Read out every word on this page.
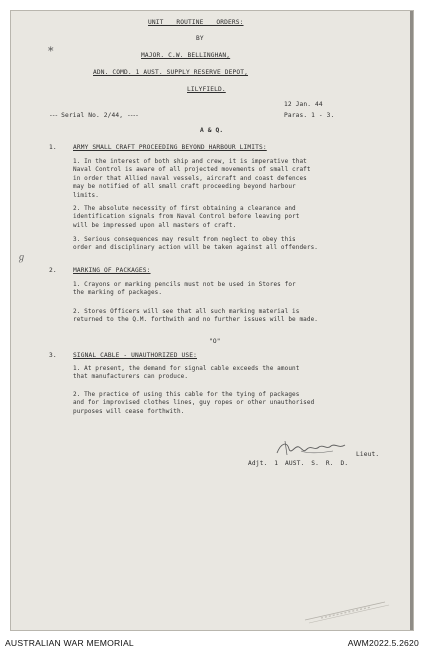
UNIT ROUTINE ORDERS:
BY
MAJOR. C.W. BELLINGHAN,
ADN. COMD. 1 AUST. SUPPLY RESERVE DEPOT,
LILYFIELD.
12 Jan. 44
--- Serial No. 2/44, ----	Paras. 1 - 3.
A & Q.
1.	ARMY SMALL CRAFT PROCEEDING BEYOND HARBOUR LIMITS:
1. In the interest of both ship and crew, it is imperative that
Naval Control is aware of all projected movements of small craft
in order that Allied naval vessels, aircraft and coast defences
may be notified of all small craft proceeding beyond harbour
limits.
2. The absolute necessity of first obtaining a clearance and
identification signals from Naval Control before leaving port
will be impressed upon all masters of craft.
3. Serious consequences may result from neglect to obey this
order and disciplinary action will be taken against all offenders.
2.	MARKING OF PACKAGES:
1. Crayons or marking pencils must not be used in Stores for
the marking of packages.
2. Stores Officers will see that all such marking material is
returned to the Q.M. forthwith and no further issues will be made.
"O"
3.	SIGNAL CABLE - UNAUTHORIZED USE:
1. At present, the demand for signal cable exceeds the amount
that manufacturers can produce.
2. The practice of using this cable for the tying of packages
and for improvised clothes lines, guy ropes or other unauthorised
purposes will cease forthwith.
Lieut.
Adjt. 1 AUST. S. R. D.
⁎
ℊ
AUSTRALIAN WAR MEMORIAL	AWM2022.5.2620
